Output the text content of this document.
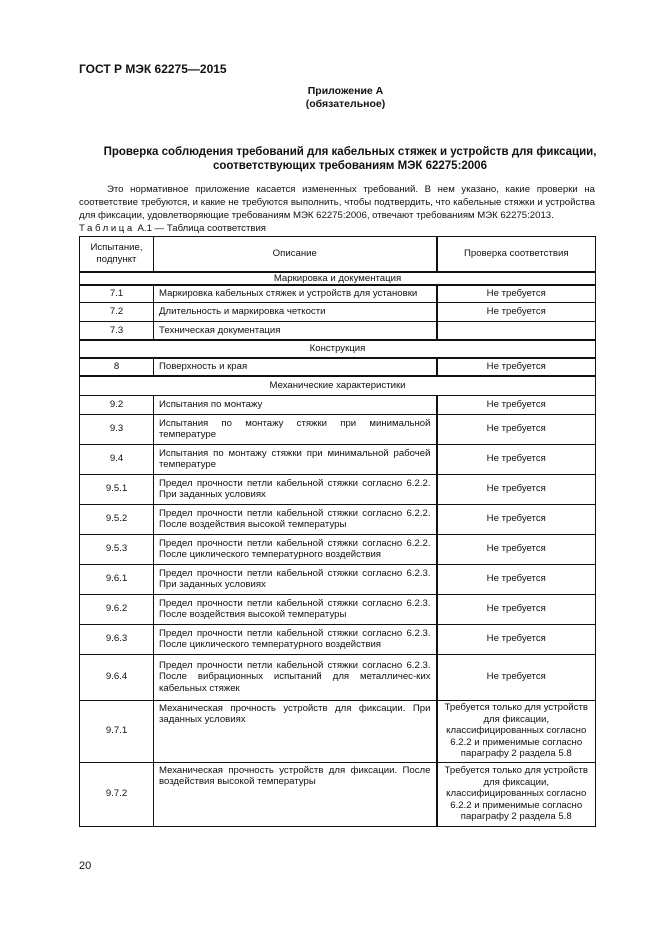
ГОСТ Р МЭК 62275—2015
Приложение А
(обязательное)
Проверка соблюдения требований для кабельных стяжек и устройств для фиксации,
соответствующих требованиям МЭК 62275:2006

Это нормативное приложение касается измененных требований. В нем указано, какие проверки на соответствие требуются, и какие не требуются выполнить, чтобы подтвердить, что кабельные стяжки и устройства для фиксации, удовлетворяющие требованиям МЭК 62275:2006, отвечают требованиям МЭК 62275:2013.

Таблица А.1 — Таблица соответствия
Испытание, подпункт	Описание	Проверка соответствия
Маркировка и документация		
7.1	Маркировка кабельных стяжек и устройств для установки	Не требуется
7.2	Длительность и маркировка четкости	Не требуется
7.3	Техническая документация	
Конструкция		
8	Поверхность и края	Не требуется
Механические характеристики		
9.2	Испытания по монтажу	Не требуется
9.3	Испытания по монтажу стяжки при минимальной температуре	Не требуется
9.4	Испытания по монтажу стяжки при минимальной рабочей температуре	Не требуется
9.5.1	Предел прочности петли кабельной стяжки согласно 6.2.2. При заданных условиях	Не требуется
9.5.2	Предел прочности петли кабельной стяжки согласно 6.2.2. После воздействия высокой температуры	Не требуется
9.5.3	Предел прочности петли кабельной стяжки согласно 6.2.2. После циклического температурного воздействия	Не требуется
9.6.1	Предел прочности петли кабельной стяжки согласно 6.2.3. При заданных условиях	Не требуется
9.6.2	Предел прочности петли кабельной стяжки согласно 6.2.3. После воздействия высокой температуры	Не требуется
9.6.3	Предел прочности петли кабельной стяжки согласно 6.2.3. После циклического температурного воздействия	Не требуется
9.6.4	Предел прочности петли кабельной стяжки согласно 6.2.3. После вибрационных испытаний для металличес-ких кабельных стяжек	Не требуется
9.7.1	Механическая прочность устройств для фиксации. При заданных условиях	Требуется только для устройств для фиксации, классифицированных согласно 6.2.2 и применимые согласно параграфу 2 раздела 5.8
9.7.2	Механическая прочность устройств для фиксации. После воздействия высокой температуры	Требуется только для устройств для фиксации, классифицированных согласно 6.2.2 и применимые согласно параграфу 2 раздела 5.8
20
